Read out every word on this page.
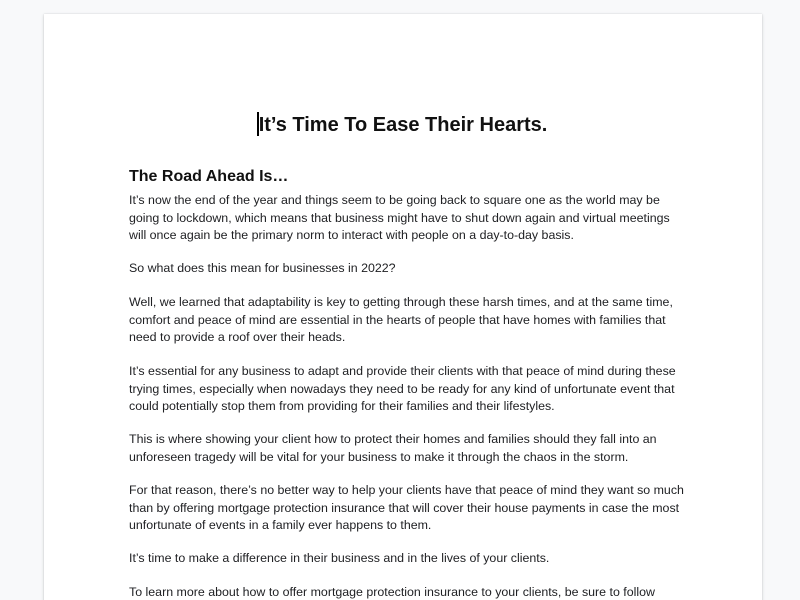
It’s Time To Ease Their Hearts.
The Road Ahead Is…

It’s now the end of the year and things seem to be going back to square one as the world may be going to lockdown, which means that business might have to shut down again and virtual meetings will once again be the primary norm to interact with people on a day-to-day basis.

So what does this mean for businesses in 2022?

Well, we learned that adaptability is key to getting through these harsh times, and at the same time, comfort and peace of mind are essential in the hearts of people that have homes with families that need to provide a roof over their heads.

It’s essential for any business to adapt and provide their clients with that peace of mind during these trying times, especially when nowadays they need to be ready for any kind of unfortunate event that could potentially stop them from providing for their families and their lifestyles.

This is where showing your client how to protect their homes and families should they fall into an unforeseen tragedy will be vital for your business to make it through the chaos in the storm.

For that reason, there’s no better way to help your clients have that peace of mind they want so much than by offering mortgage protection insurance that will cover their house payments in case the most unfortunate of events in a family ever happens to them.

It’s time to make a difference in their business and in the lives of your clients.

To learn more about how to offer mortgage protection insurance to your clients, be sure to follow
